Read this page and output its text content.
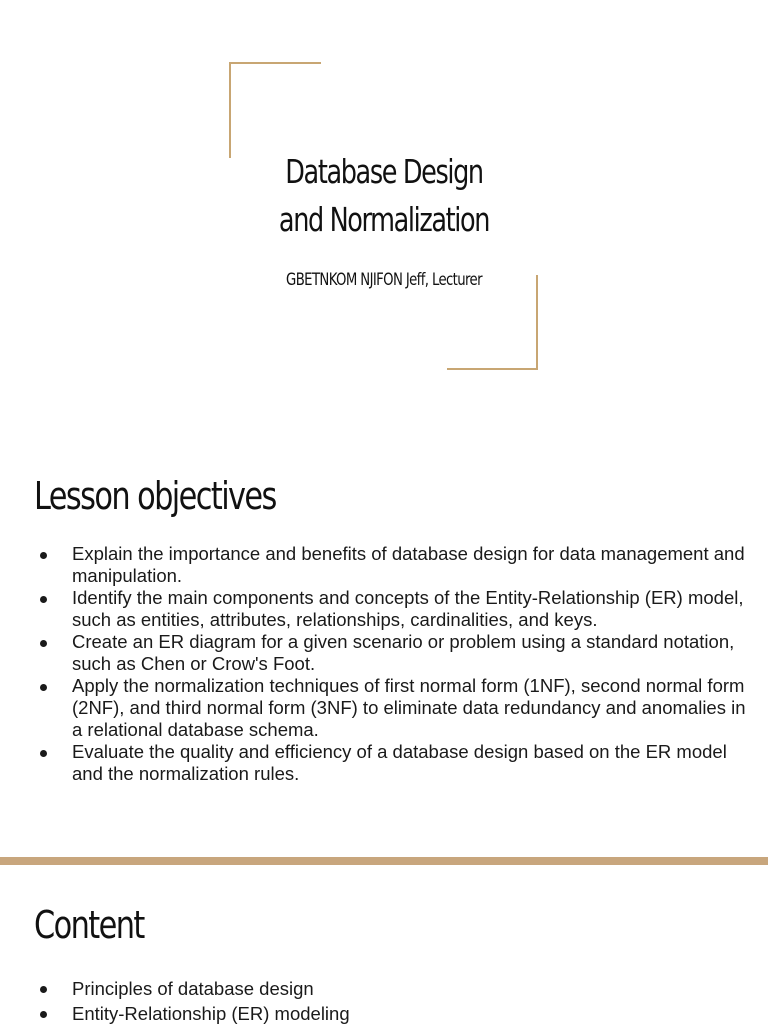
Database Design
and Normalization
GBETNKOM NJIFON Jeff, Lecturer
Lesson objectives
Explain the importance and benefits of database design for data management and manipulation.
Identify the main components and concepts of the Entity-Relationship (ER) model, such as entities, attributes, relationships, cardinalities, and keys.
Create an ER diagram for a given scenario or problem using a standard notation, such as Chen or Crow's Foot.
Apply the normalization techniques of first normal form (1NF), second normal form (2NF), and third normal form (3NF) to eliminate data redundancy and anomalies in a relational database schema.
Evaluate the quality and efficiency of a database design based on the ER model and the normalization rules.
Content
Principles of database design
Entity-Relationship (ER) modeling
